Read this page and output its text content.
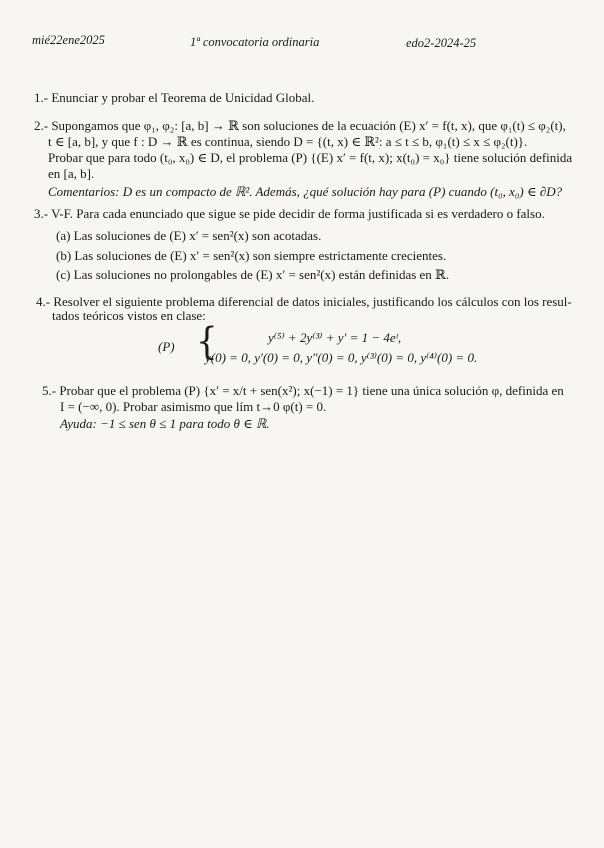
mié22ene2025	1ª convocatoria ordinaria	edo2-2024-25
1.- Enunciar y probar el Teorema de Unicidad Global.
2.- Supongamos que φ₁, φ₂: [a, b] → ℝ son soluciones de la ecuación (E) x′ = f(t, x), que φ₁(t) ≤ φ₂(t),
t ∈ [a, b], y que f : D → ℝ es continua, siendo D = {(t, x) ∈ ℝ²: a ≤ t ≤ b, φ₁(t) ≤ x ≤ φ₂(t)}.
Probar que para todo (t₀, x₀) ∈ D, el problema (P) {(E) x′ = f(t, x); x(t₀) = x₀} tiene solución definida
en [a, b].
Comentarios: D es un compacto de ℝ². Además, ¿qué solución hay para (P) cuando (t₀, x₀) ∈ ∂D?
3.- V-F. Para cada enunciado que sigue se pide decidir de forma justificada si es verdadero o falso.
(a) Las soluciones de (E) x′ = sen²(x) son acotadas.
(b) Las soluciones de (E) x′ = sen²(x) son siempre estrictamente crecientes.
(c) Las soluciones no prolongables de (E) x′ = sen²(x) están definidas en ℝ.
4.- Resolver el siguiente problema diferencial de datos iniciales, justificando los cálculos con los resul-
tados teóricos vistos en clase:
(P) {	y⁽⁵⁾ + 2y⁽³⁾ + y′ = 1 − 4eᵗ,
y(0) = 0, y′(0) = 0, y″(0) = 0, y⁽³⁾(0) = 0, y⁽⁴⁾(0) = 0.
5.- Probar que el problema (P) {x′ = x/t + sen(x²); x(−1) = 1} tiene una única solución φ, definida en
I = (−∞, 0). Probar asimismo que lím t→0 φ(t) = 0.
Ayuda: −1 ≤ sen θ ≤ 1 para todo θ ∈ ℝ.
